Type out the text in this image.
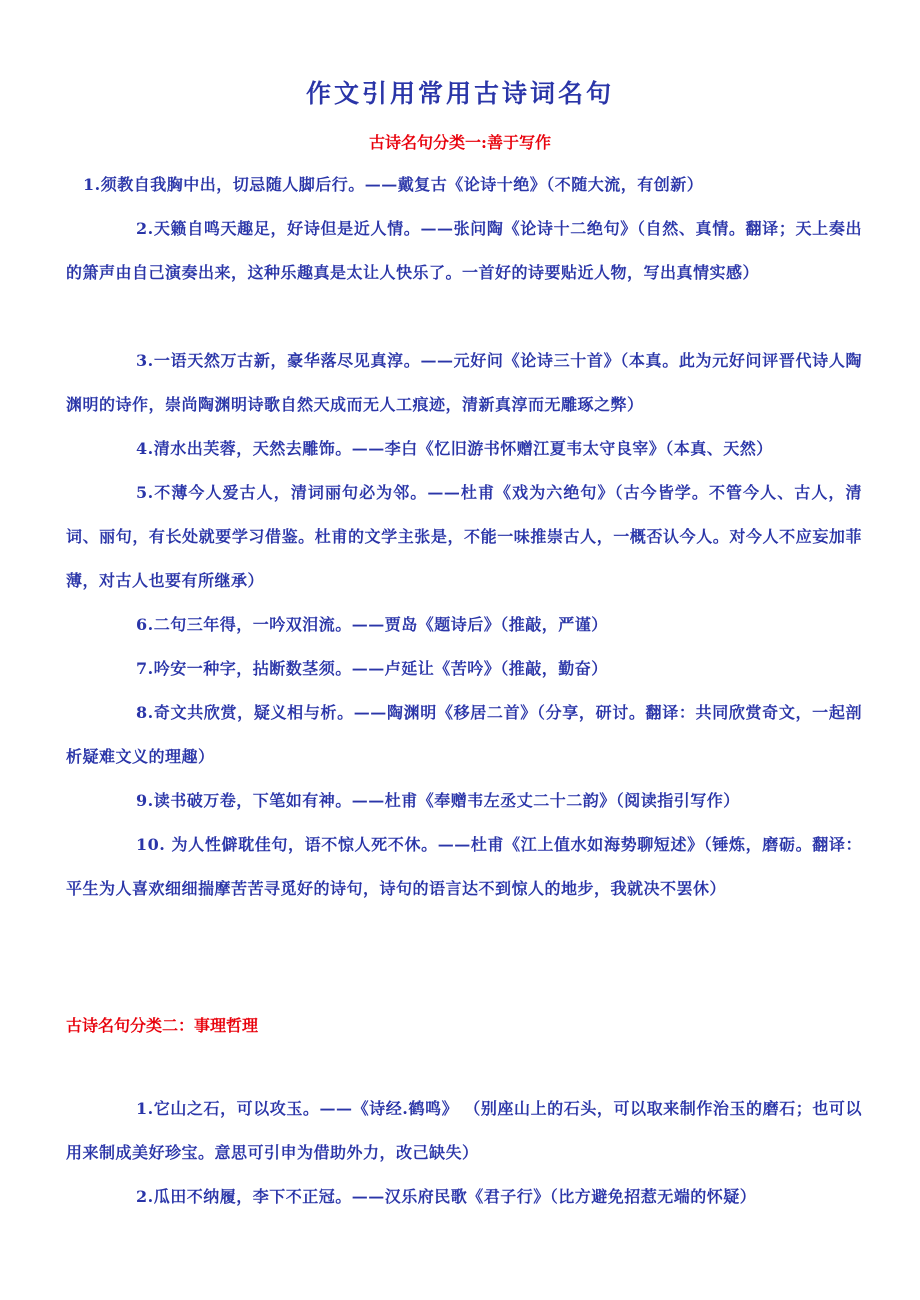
作文引用常用古诗词名句
古诗名句分类一:善于写作

1.须教自我胸中出，切忌随人脚后行。——戴复古《论诗十绝》（不随大流，有创新）

2.天籁自鸣天趣足，好诗但是近人情。——张问陶《论诗十二绝句》（自然、真情。翻译；天上奏出的箫声由自己演奏出来，这种乐趣真是太让人快乐了。一首好的诗要贴近人物，写出真情实感）

3.一语天然万古新，豪华落尽见真淳。——元好问《论诗三十首》（本真。此为元好问评晋代诗人陶渊明的诗作，崇尚陶渊明诗歌自然天成而无人工痕迹，清新真淳而无雕琢之弊）

4.清水出芙蓉，天然去雕饰。——李白《忆旧游书怀赠江夏韦太守良宰》（本真、天然）

5.不薄今人爱古人，清词丽句必为邻。——杜甫《戏为六绝句》（古今皆学。不管今人、古人，清词、丽句，有长处就要学习借鉴。杜甫的文学主张是，不能一味推崇古人，一概否认今人。对今人不应妄加菲薄，对古人也要有所继承）

6.二句三年得，一吟双泪流。——贾岛《题诗后》（推敲，严谨）

7.吟安一种字，拈断数茎须。——卢延让《苦吟》（推敲，勤奋）

8.奇文共欣赏，疑义相与析。——陶渊明《移居二首》（分享，研讨。翻译：共同欣赏奇文，一起剖析疑难文义的理趣）

9.读书破万卷，下笔如有神。——杜甫《奉赠韦左丞丈二十二韵》（阅读指引写作）

10. 为人性僻耽佳句，语不惊人死不休。——杜甫《江上值水如海势聊短述》（锤炼，磨砺。翻译：平生为人喜欢细细揣摩苦苦寻觅好的诗句，诗句的语言达不到惊人的地步，我就决不罢休）

古诗名句分类二：事理哲理

1.它山之石，可以攻玉。——《诗经.鹤鸣》 （别座山上的石头，可以取来制作治玉的磨石；也可以用来制成美好珍宝。意思可引申为借助外力，改己缺失）

2.瓜田不纳履，李下不正冠。——汉乐府民歌《君子行》（比方避免招惹无端的怀疑）
